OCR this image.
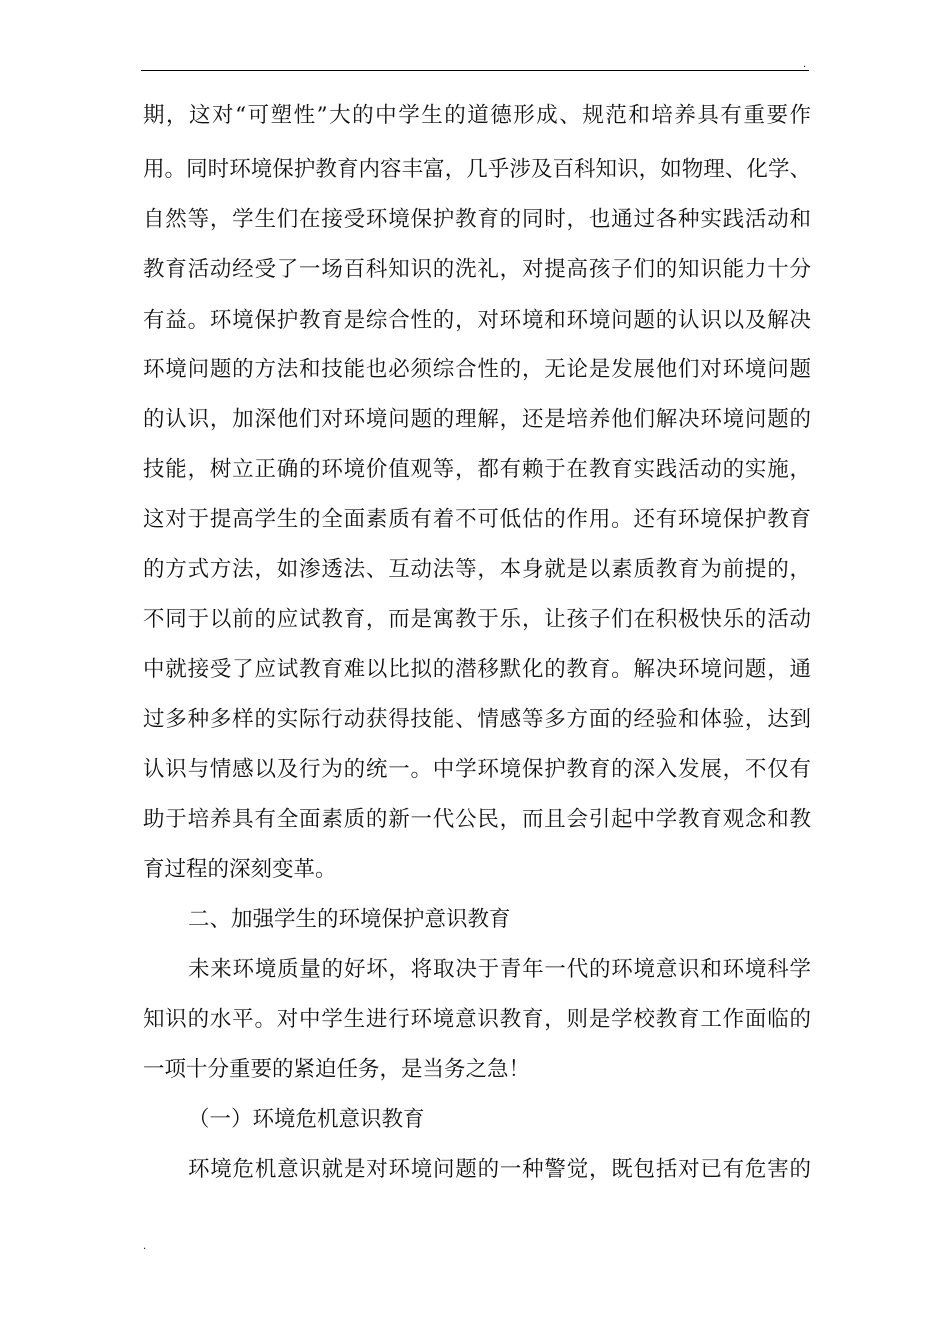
.
期，这对“可塑性”大的中学生的道德形成、规范和培养具有重要作
用。同时环境保护教育内容丰富，几乎涉及百科知识，如物理、化学、
自然等，学生们在接受环境保护教育的同时，也通过各种实践活动和
教育活动经受了一场百科知识的洗礼，对提高孩子们的知识能力十分
有益。环境保护教育是综合性的，对环境和环境问题的认识以及解决
环境问题的方法和技能也必须综合性的，无论是发展他们对环境问题
的认识，加深他们对环境问题的理解，还是培养他们解决环境问题的
技能，树立正确的环境价值观等，都有赖于在教育实践活动的实施，
这对于提高学生的全面素质有着不可低估的作用。还有环境保护教育
的方式方法，如渗透法、互动法等，本身就是以素质教育为前提的，
不同于以前的应试教育，而是寓教于乐，让孩子们在积极快乐的活动
中就接受了应试教育难以比拟的潜移默化的教育。解决环境问题，通
过多种多样的实际行动获得技能、情感等多方面的经验和体验，达到
认识与情感以及行为的统一。中学环境保护教育的深入发展，不仅有
助于培养具有全面素质的新一代公民，而且会引起中学教育观念和教
育过程的深刻变革。
二、加强学生的环境保护意识教育
未来环境质量的好坏，将取决于青年一代的环境意识和环境科学
知识的水平。对中学生进行环境意识教育，则是学校教育工作面临的
一项十分重要的紧迫任务，是当务之急！
（一）环境危机意识教育
环境危机意识就是对环境问题的一种警觉，既包括对已有危害的
.
